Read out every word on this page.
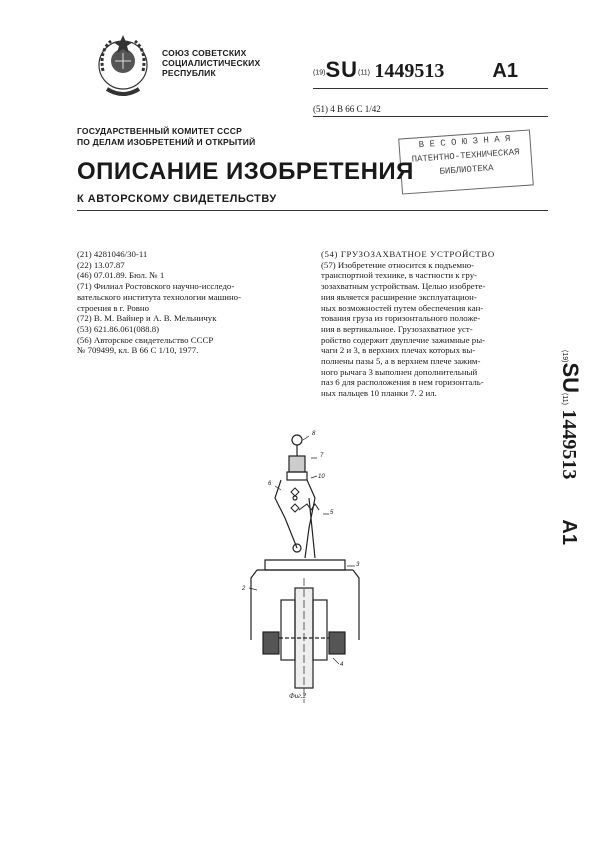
СОЮЗ СОВЕТСКИХ
СОЦИАЛИСТИЧЕСКИХ
РЕСПУБЛИК	(19)SU(11) 1449513 A1
(51) 4 B 66 C 1/42
ГОСУДАРСТВЕННЫЙ КОМИТЕТ СССР
ПО ДЕЛАМ ИЗОБРЕТЕНИЙ И ОТКРЫТИЙ	В Е С О Ю З Н А Я
ПАТЕНТНО-ТЕХНИЧЕСКАЯ
БИБЛИОТЕКА
ОПИСАНИЕ ИЗОБРЕТЕНИЯ
К АВТОРСКОМУ СВИДЕТЕЛЬСТВУ
(21) 4281046/30-11
(22) 13.07.87
(46) 07.01.89. Бюл. № 1
(71) Филиал Ростовского научно-исследо-
вательского института технологии машино-
строения в г. Ровно
(72) В. М. Вайнер и А. В. Мельничук
(53) 621.86.061(088.8)
(56) Авторское свидетельство СССР
№ 709499, кл. В 66 С 1/10, 1977.
(54) ГРУЗОЗАХВАТНОЕ УСТРОЙСТВО
(57) Изобретение относится к подъемно-
транспортной технике, в частности к гру-
зозахватным устройствам. Целью изобрете-
ния является расширение эксплуатацион-
ных возможностей путем обеспечения кан-
тования груза из горизонтального положе-
ния в вертикальное. Грузозахватное уст-
ройство содержит двуплечие зажимные ры-
чаги 2 и 3, в верхних плечах которых вы-
полнены пазы 5, а в верхнем плече зажим-
ного рычага 3 выполнен дополнительный
паз 6 для расположения в нем горизонталь-
ных пальцев 10 планки 7. 2 ил.
(19)SU(11) 1449513A1
8
7
6
10
5
3
2
4
Фиг.2
